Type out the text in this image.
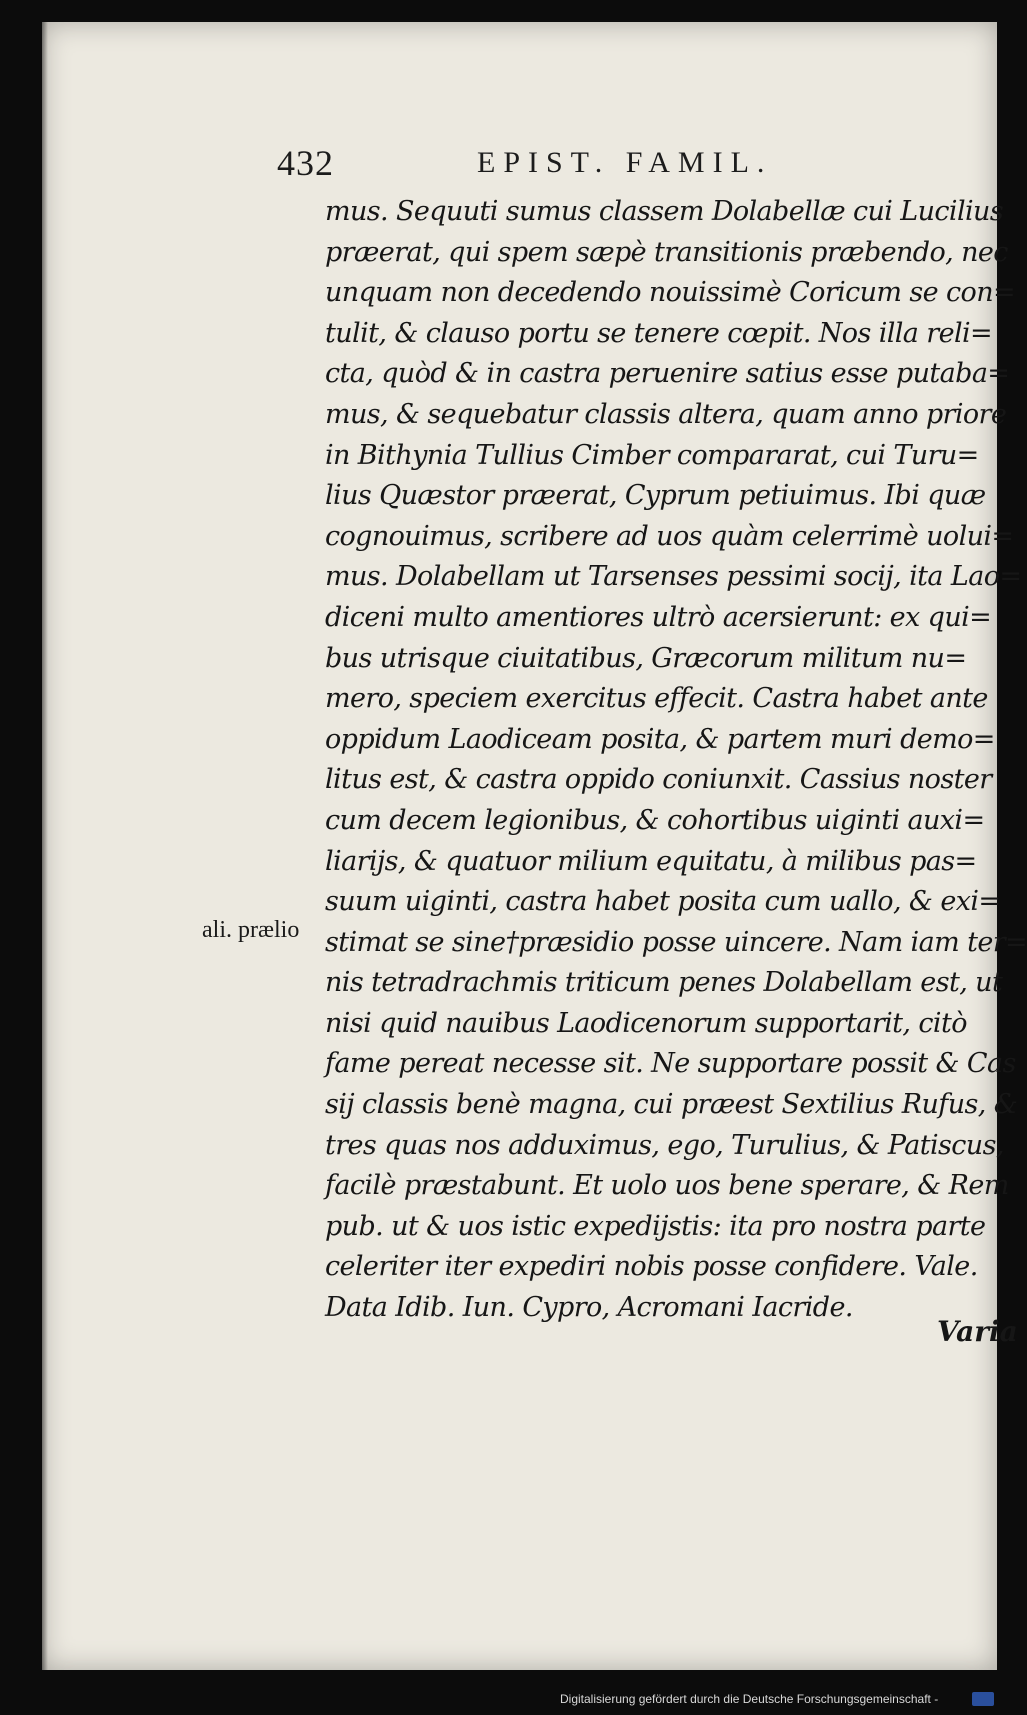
432	EPIST. FAMIL.
mus. Sequuti sumus classem Dolabellæ cui Lucilius
præerat, qui spem sæpè transitionis præbendo, nec
unquam non decedendo nouissimè Coricum se con=
tulit, & clauso portu se tenere cœpit. Nos illa reli=
cta, quòd & in castra peruenire satius esse putaba=
mus, & sequebatur classis altera, quam anno priore
in Bithynia Tullius Cimber compararat, cui Turu=
lius Quæstor præerat, Cyprum petiuimus. Ibi quæ
cognouimus, scribere ad uos quàm celerrimè uolui=
mus. Dolabellam ut Tarsenses pessimi socij, ita Lao=
diceni multo amentiores ultrò acersierunt: ex qui=
bus utrisque ciuitatibus, Græcorum militum nu=
mero, speciem exercitus effecit. Castra habet ante
oppidum Laodiceam posita, & partem muri demo=
litus est, & castra oppido coniunxit. Cassius noster
cum decem legionibus, & cohortibus uiginti auxi=
liarijs, & quatuor milium equitatu, à milibus pas=
suum uiginti, castra habet posita cum uallo, & exi=
stimat se sine†præsidio posse uincere. Nam iam ter=
nis tetradrachmis triticum penes Dolabellam est, ut
nisi quid nauibus Laodicenorum supportarit, citò
fame pereat necesse sit. Ne supportare possit & Cas
sij classis benè magna, cui præest Sextilius Rufus, &
tres quas nos adduximus, ego, Turulius, & Patiscus,
facilè præstabunt. Et uolo uos bene sperare, & Rem
pub. ut & uos istic expedijstis: ita pro nostra parte
celeriter iter expediri nobis posse confidere. Vale.
Data Idib. Iun. Cypro, Acromani Iacride.
ali. prælio
Varia
Digitalisierung gefördert durch die Deutsche Forschungsgemeinschaft -
